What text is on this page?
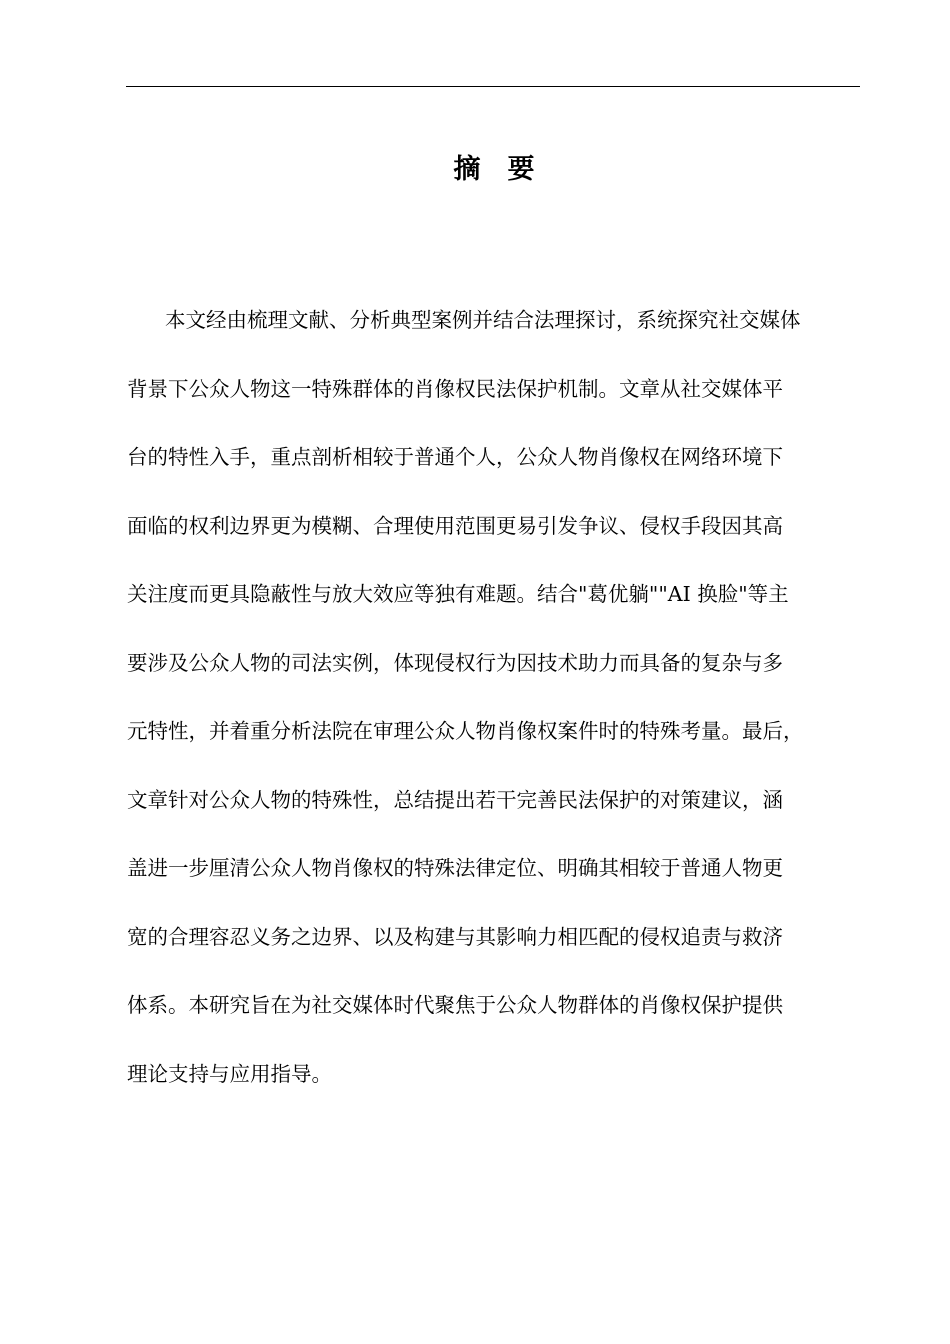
摘　要
本文经由梳理文献、分析典型案例并结合法理探讨，系统探究社交媒体
背景下公众人物这一特殊群体的肖像权民法保护机制。文章从社交媒体平
台的特性入手，重点剖析相较于普通个人，公众人物肖像权在网络环境下
面临的权利边界更为模糊、合理使用范围更易引发争议、侵权手段因其高
关注度而更具隐蔽性与放大效应等独有难题。结合"葛优躺""AI 换脸"等主
要涉及公众人物的司法实例，体现侵权行为因技术助力而具备的复杂与多
元特性，并着重分析法院在审理公众人物肖像权案件时的特殊考量。最后，
文章针对公众人物的特殊性，总结提出若干完善民法保护的对策建议，涵
盖进一步厘清公众人物肖像权的特殊法律定位、明确其相较于普通人物更
宽的合理容忍义务之边界、以及构建与其影响力相匹配的侵权追责与救济
体系。本研究旨在为社交媒体时代聚焦于公众人物群体的肖像权保护提供
理论支持与应用指导。
